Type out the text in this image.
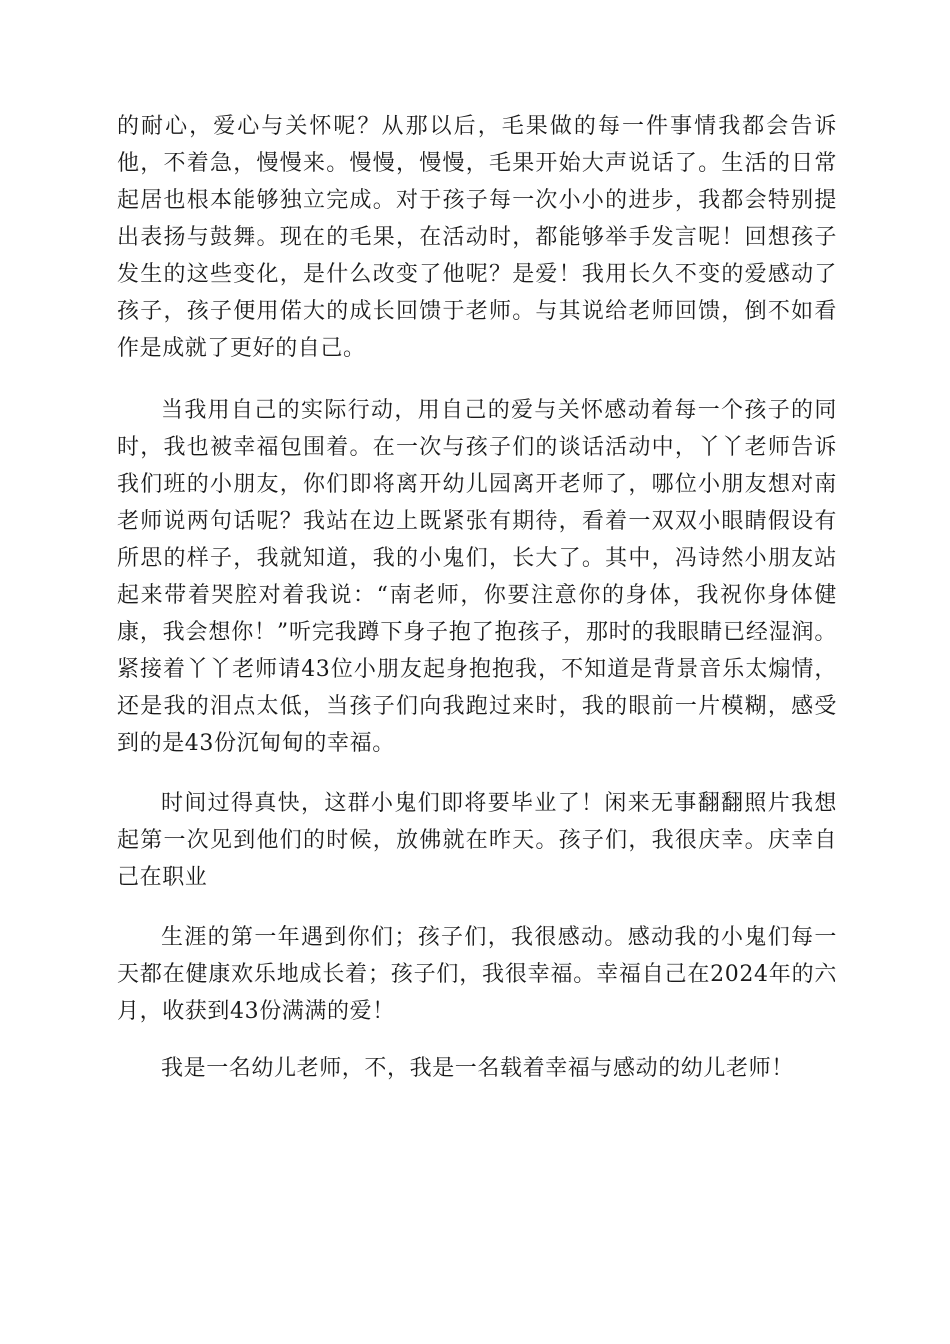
的耐心，爱心与关怀呢？从那以后，毛果做的每一件事情我都会告诉他，不着急，慢慢来。慢慢，慢慢，毛果开始大声说话了。生活的日常起居也根本能够独立完成。对于孩子每一次小小的进步，我都会特别提出表扬与鼓舞。现在的毛果，在活动时，都能够举手发言呢！回想孩子发生的这些变化，是什么改变了他呢？是爱！我用长久不变的爱感动了孩子，孩子便用偌大的成长回馈于老师。与其说给老师回馈，倒不如看作是成就了更好的自己。

当我用自己的实际行动，用自己的爱与关怀感动着每一个孩子的同时，我也被幸福包围着。在一次与孩子们的谈话活动中，丫丫老师告诉我们班的小朋友，你们即将离开幼儿园离开老师了，哪位小朋友想对南老师说两句话呢？我站在边上既紧张有期待，看着一双双小眼睛假设有所思的样子，我就知道，我的小鬼们，长大了。其中，冯诗然小朋友站起来带着哭腔对着我说：“南老师，你要注意你的身体，我祝你身体健康，我会想你！”听完我蹲下身子抱了抱孩子，那时的我眼睛已经湿润。紧接着丫丫老师请43位小朋友起身抱抱我，不知道是背景音乐太煽情，还是我的泪点太低，当孩子们向我跑过来时，我的眼前一片模糊，感受到的是43份沉甸甸的幸福。

时间过得真快，这群小鬼们即将要毕业了！闲来无事翻翻照片我想起第一次见到他们的时候，放佛就在昨天。孩子们，我很庆幸。庆幸自己在职业

生涯的第一年遇到你们；孩子们，我很感动。感动我的小鬼们每一天都在健康欢乐地成长着；孩子们，我很幸福。幸福自己在2024年的六月，收获到43份满满的爱！

我是一名幼儿老师，不，我是一名载着幸福与感动的幼儿老师！
